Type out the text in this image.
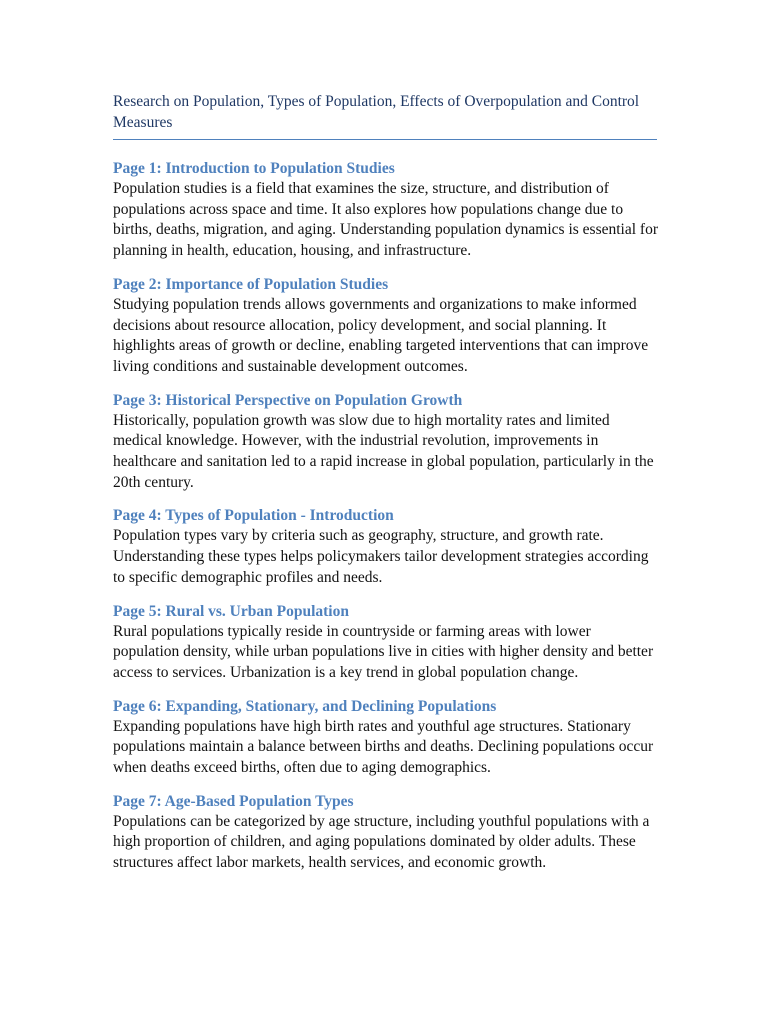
Research on Population, Types of Population, Effects of Overpopulation and Control Measures
Page 1: Introduction to Population Studies

Population studies is a field that examines the size, structure, and distribution of populations across space and time. It also explores how populations change due to births, deaths, migration, and aging. Understanding population dynamics is essential for planning in health, education, housing, and infrastructure.

Page 2: Importance of Population Studies

Studying population trends allows governments and organizations to make informed decisions about resource allocation, policy development, and social planning. It highlights areas of growth or decline, enabling targeted interventions that can improve living conditions and sustainable development outcomes.

Page 3: Historical Perspective on Population Growth

Historically, population growth was slow due to high mortality rates and limited medical knowledge. However, with the industrial revolution, improvements in healthcare and sanitation led to a rapid increase in global population, particularly in the 20th century.

Page 4: Types of Population - Introduction

Population types vary by criteria such as geography, structure, and growth rate. Understanding these types helps policymakers tailor development strategies according to specific demographic profiles and needs.

Page 5: Rural vs. Urban Population

Rural populations typically reside in countryside or farming areas with lower population density, while urban populations live in cities with higher density and better access to services. Urbanization is a key trend in global population change.

Page 6: Expanding, Stationary, and Declining Populations

Expanding populations have high birth rates and youthful age structures. Stationary populations maintain a balance between births and deaths. Declining populations occur when deaths exceed births, often due to aging demographics.

Page 7: Age-Based Population Types

Populations can be categorized by age structure, including youthful populations with a high proportion of children, and aging populations dominated by older adults. These structures affect labor markets, health services, and economic growth.
